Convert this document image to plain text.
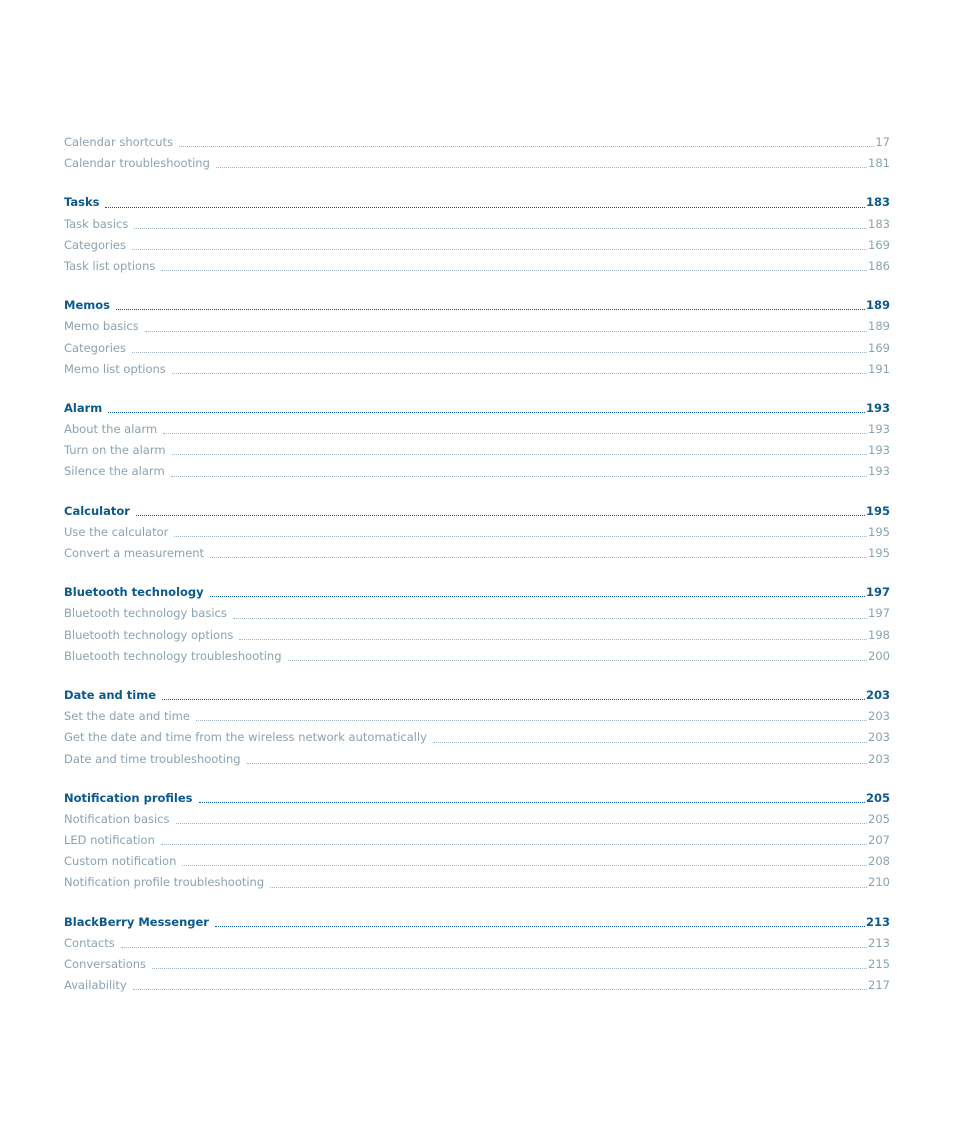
Calendar shortcuts	17
Calendar troubleshooting	181
Tasks	183
Task basics	183
Categories	169
Task list options	186
Memos	189
Memo basics	189
Categories	169
Memo list options	191
Alarm	193
About the alarm	193
Turn on the alarm	193
Silence the alarm	193
Calculator	195
Use the calculator	195
Convert a measurement	195
Bluetooth technology	197
Bluetooth technology basics	197
Bluetooth technology options	198
Bluetooth technology troubleshooting	200
Date and time	203
Set the date and time	203
Get the date and time from the wireless network automatically	203
Date and time troubleshooting	203
Notification profiles	205
Notification basics	205
LED notification	207
Custom notification	208
Notification profile troubleshooting	210
BlackBerry Messenger	213
Contacts	213
Conversations	215
Availability	217
